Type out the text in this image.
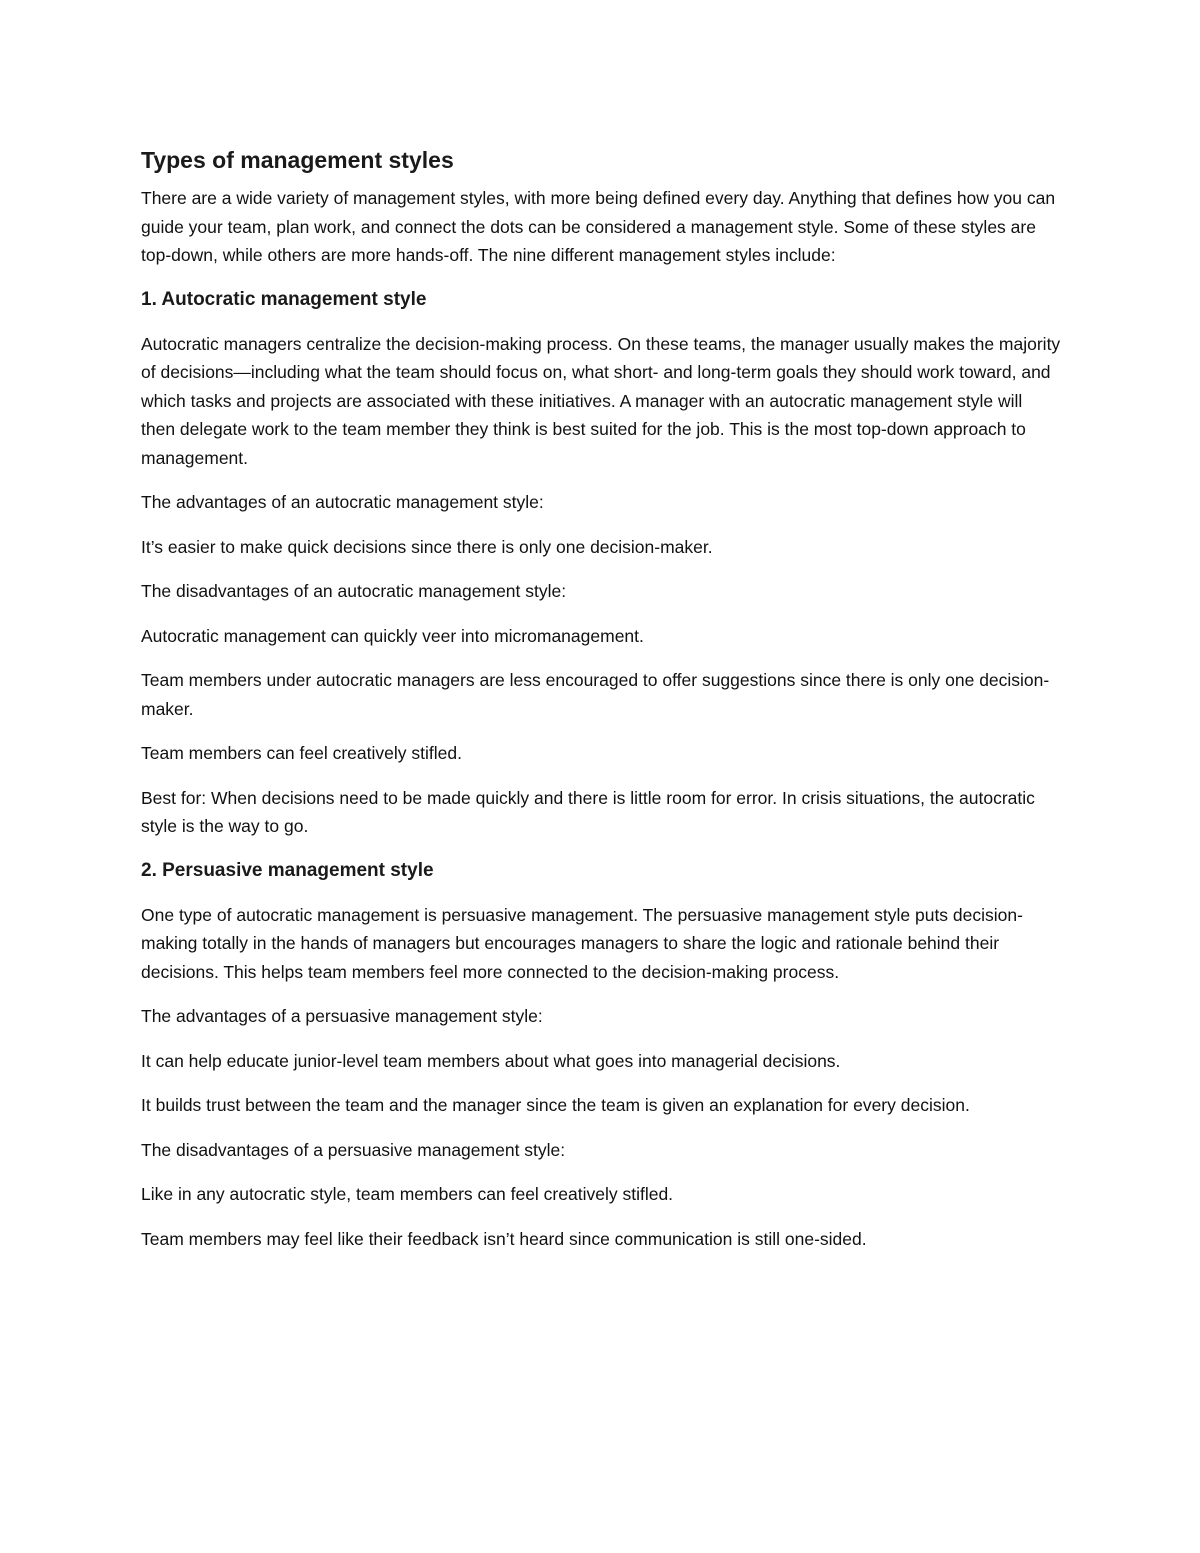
Types of management styles

There are a wide variety of management styles, with more being defined every day. Anything that defines how you can guide your team, plan work, and connect the dots can be considered a management style. Some of these styles are top-down, while others are more hands-off. The nine different management styles include:

1. Autocratic management style

Autocratic managers centralize the decision-making process. On these teams, the manager usually makes the majority of decisions—including what the team should focus on, what short- and long-term goals they should work toward, and which tasks and projects are associated with these initiatives. A manager with an autocratic management style will then delegate work to the team member they think is best suited for the job. This is the most top-down approach to management.

The advantages of an autocratic management style:

It’s easier to make quick decisions since there is only one decision-maker.

The disadvantages of an autocratic management style:

Autocratic management can quickly veer into micromanagement.

Team members under autocratic managers are less encouraged to offer suggestions since there is only one decision-maker.

Team members can feel creatively stifled.

Best for: When decisions need to be made quickly and there is little room for error. In crisis situations, the autocratic style is the way to go.

2. Persuasive management style

One type of autocratic management is persuasive management. The persuasive management style puts decision-making totally in the hands of managers but encourages managers to share the logic and rationale behind their decisions. This helps team members feel more connected to the decision-making process.

The advantages of a persuasive management style:

It can help educate junior-level team members about what goes into managerial decisions.

It builds trust between the team and the manager since the team is given an explanation for every decision.

The disadvantages of a persuasive management style:

Like in any autocratic style, team members can feel creatively stifled.

Team members may feel like their feedback isn’t heard since communication is still one-sided.
